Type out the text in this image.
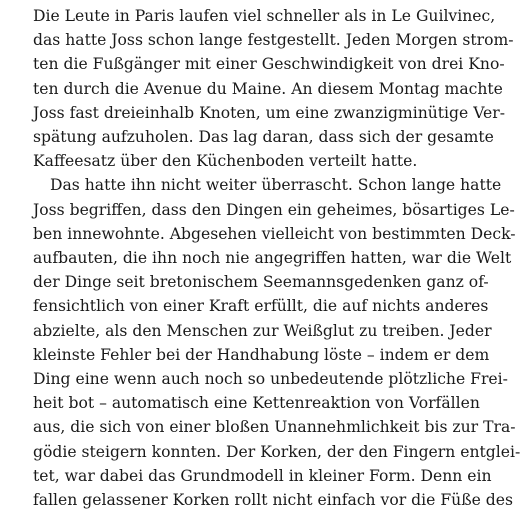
Die Leute in Paris laufen viel schneller als in Le Guilvinec,
das hatte Joss schon lange festgestellt. Jeden Morgen strom-
ten die Fußgänger mit einer Geschwindigkeit von drei Kno-
ten durch die Avenue du Maine. An diesem Montag machte
Joss fast dreieinhalb Knoten, um eine zwanzigminütige Ver-
spätung aufzuholen. Das lag daran, dass sich der gesamte
Kaffeesatz über den Küchenboden verteilt hatte.
Das hatte ihn nicht weiter überrascht. Schon lange hatte
Joss begriffen, dass den Dingen ein geheimes, bösartiges Le-
ben innewohnte. Abgesehen vielleicht von bestimmten Deck-
aufbauten, die ihn noch nie angegriffen hatten, war die Welt
der Dinge seit bretonischem Seemannsgedenken ganz of-
fensichtlich von einer Kraft erfüllt, die auf nichts anderes
abzielte, als den Menschen zur Weißglut zu treiben. Jeder
kleinste Fehler bei der Handhabung löste – indem er dem
Ding eine wenn auch noch so unbedeutende plötzliche Frei-
heit bot – automatisch eine Kettenreaktion von Vorfällen
aus, die sich von einer bloßen Unannehmlichkeit bis zur Tra-
gödie steigern konnten. Der Korken, der den Fingern entglei-
tet, war dabei das Grundmodell in kleiner Form. Denn ein
fallen gelassener Korken rollt nicht einfach vor die Füße des
